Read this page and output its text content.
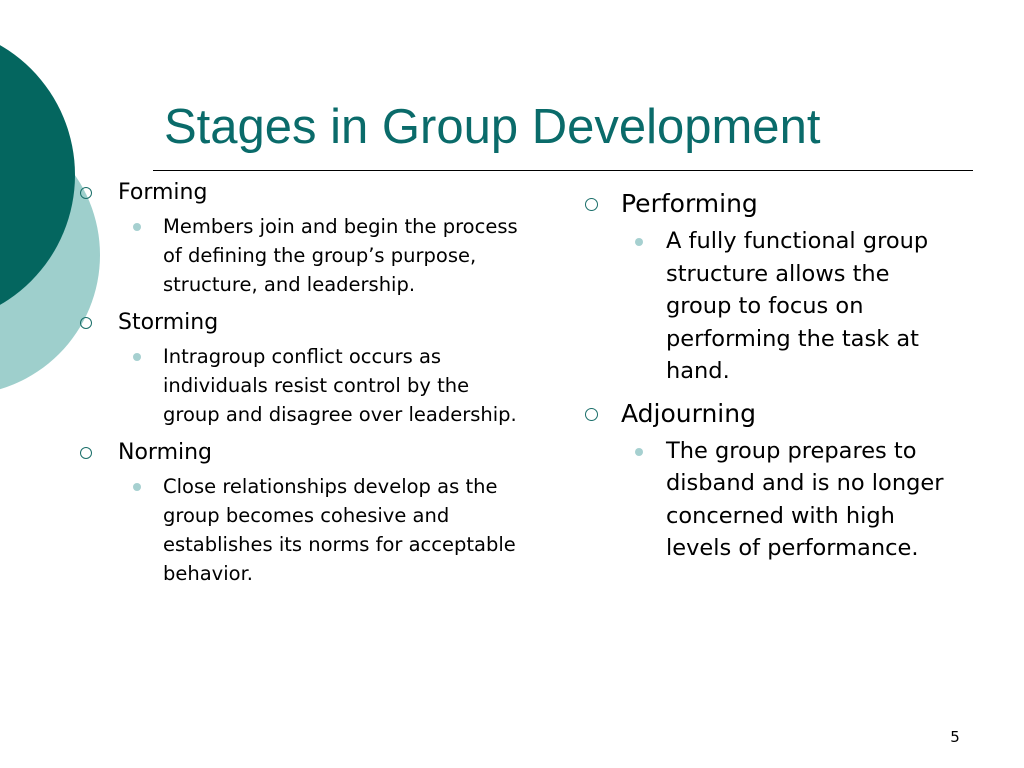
Stages in Group Development
Forming
Members join and begin the process of defining the group’s purpose, structure, and leadership.
Storming
Intragroup conflict occurs as individuals resist control by the group and disagree over leadership.
Norming
Close relationships develop as the group becomes cohesive and establishes its norms for acceptable behavior.
Performing
A fully functional group structure allows the group to focus on performing the task at hand.
Adjourning
The group prepares to disband and is no longer concerned with high levels of performance.
5
